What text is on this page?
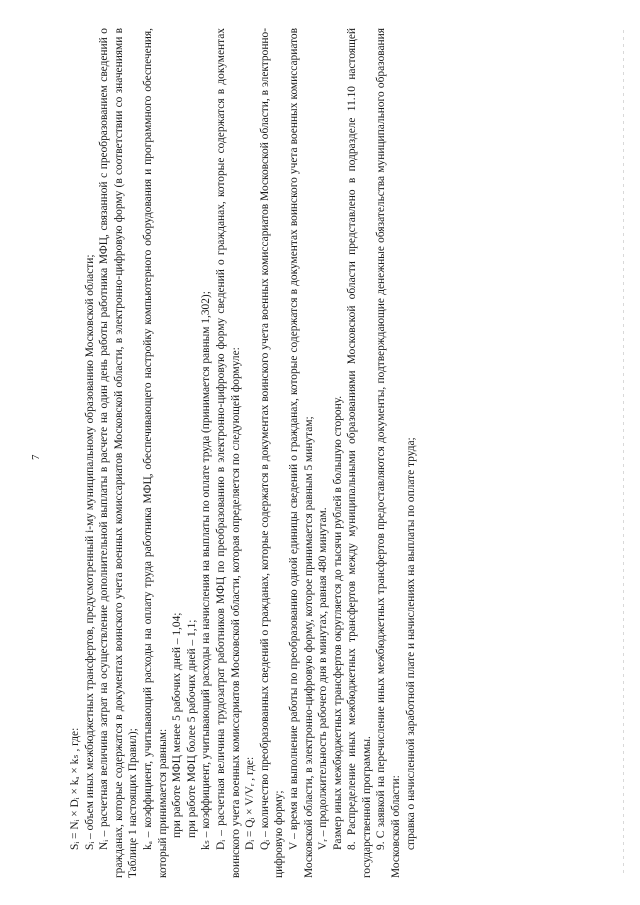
7

Sᵢ = Nᵢ × Dᵢ × kₐ × kₛ , где: Sᵢ – объем иных межбюджетных трансфертов, предусмотренный i-му муниципальному образованию Московской области; Nᵢ – расчетная величина затрат на осуществление дополнительной выплаты в расчете на один день работы работника МФЦ, связанной с преобразованием сведений о гражданах, которые содержатся в документах воинского учета военных комиссариатов Московской области, в электронно-цифровую форму (в соответствии со значениями в Таблице 1 настоящих Правил); kₐ – коэффициент, учитывающий расходы на оплату труда работника МФЦ, обеспечивающего настройку компьютерного оборудования и программного обеспечения, который принимается равным: при работе МФЦ менее 5 рабочих дней – 1,04; при работе МФЦ более 5 рабочих дней – 1,1; kₛ – коэффициент, учитывающий расходы на начисления на выплаты по оплате труда (принимается равным 1,302); Dᵢ – расчетная величина трудозатрат работников МФЦ по преобразованию в электронно-цифровую форму сведений о гражданах, которые содержатся в документах воинского учета военных комиссариатов Московской области, которая определяется по следующей формуле: Dᵢ = Qᵢ × V/Vᵣ , где: Qᵢ – количество преобразованных сведений о гражданах, которые содержатся в документах воинского учета военных комиссариатов Московской области, в электронно-цифровую форму; V – время на выполнение работы по преобразованию одной единицы сведений о гражданах, которые содержатся в документах воинского учета военных комиссариатов Московской области, в электронно-цифровую форму, которое принимается равным 5 минутам; Vᵣ – продолжительность рабочего дня в минутах, равная 480 минутам. Размер иных межбюджетных трансфертов округляется до тысячи рублей в большую сторону. 8. Распределение иных межбюджетных трансфертов между муниципальными образованиями Московской области представлено в подразделе 11.10 настоящей государственной программы. 9. С заявкой на перечисление иных межбюджетных трансфертов предоставляются документы, подтверждающие денежные обязательства муниципального образования Московской области: справка о начисленной заработной плате и начислениях на выплаты по оплате труда;
